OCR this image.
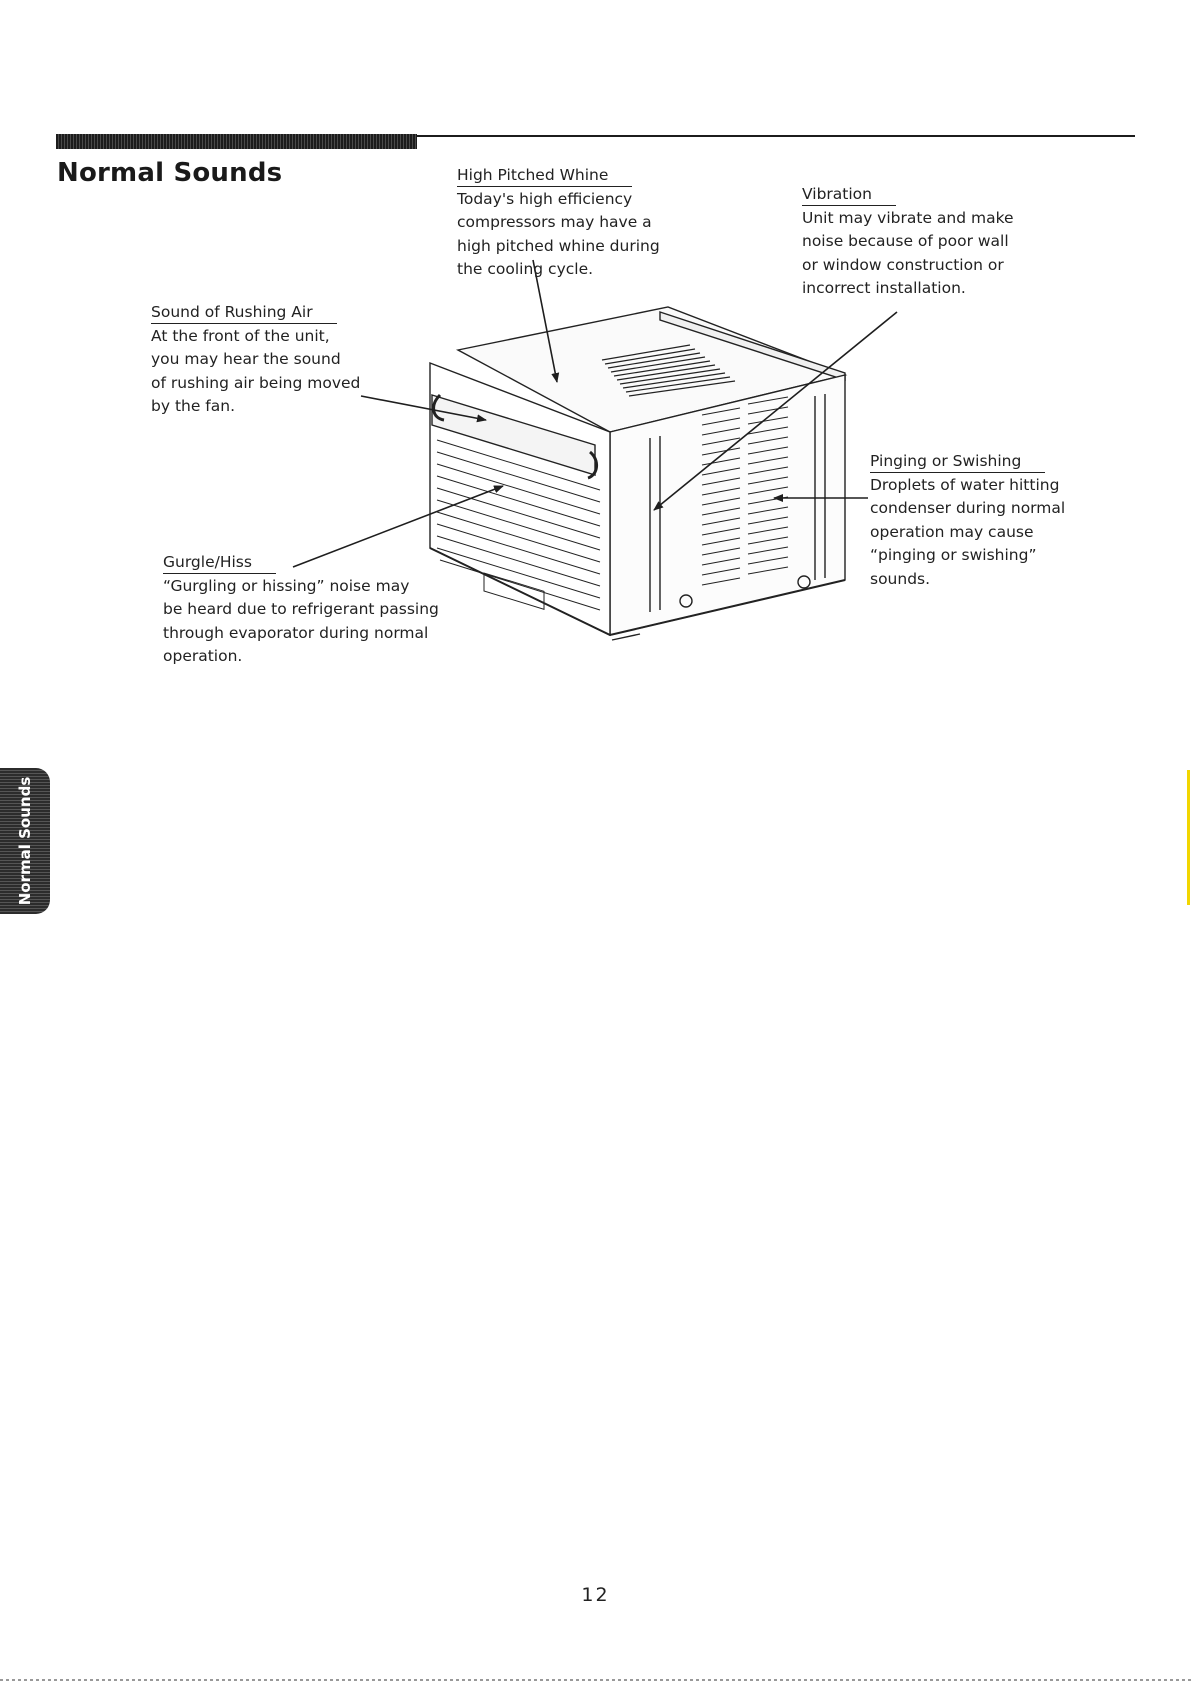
Normal Sounds	High Pitched Whine
Today's high efficiency
compressors may have a
high pitched whine during
the cooling cycle.
Vibration
Unit may vibrate and make
noise because of poor wall
or window construction or
incorrect installation.
Sound of Rushing Air
At the front of the unit,
you may hear the sound
of rushing air being moved
by the fan.
Pinging or Swishing
Droplets of water hitting
condenser during normal
operation may cause
“pinging or swishing”
sounds.
Gurgle/Hiss
“Gurgling or hissing” noise may
be heard due to refrigerant passing
through evaporator during normal
operation.
Normal Sounds
12
